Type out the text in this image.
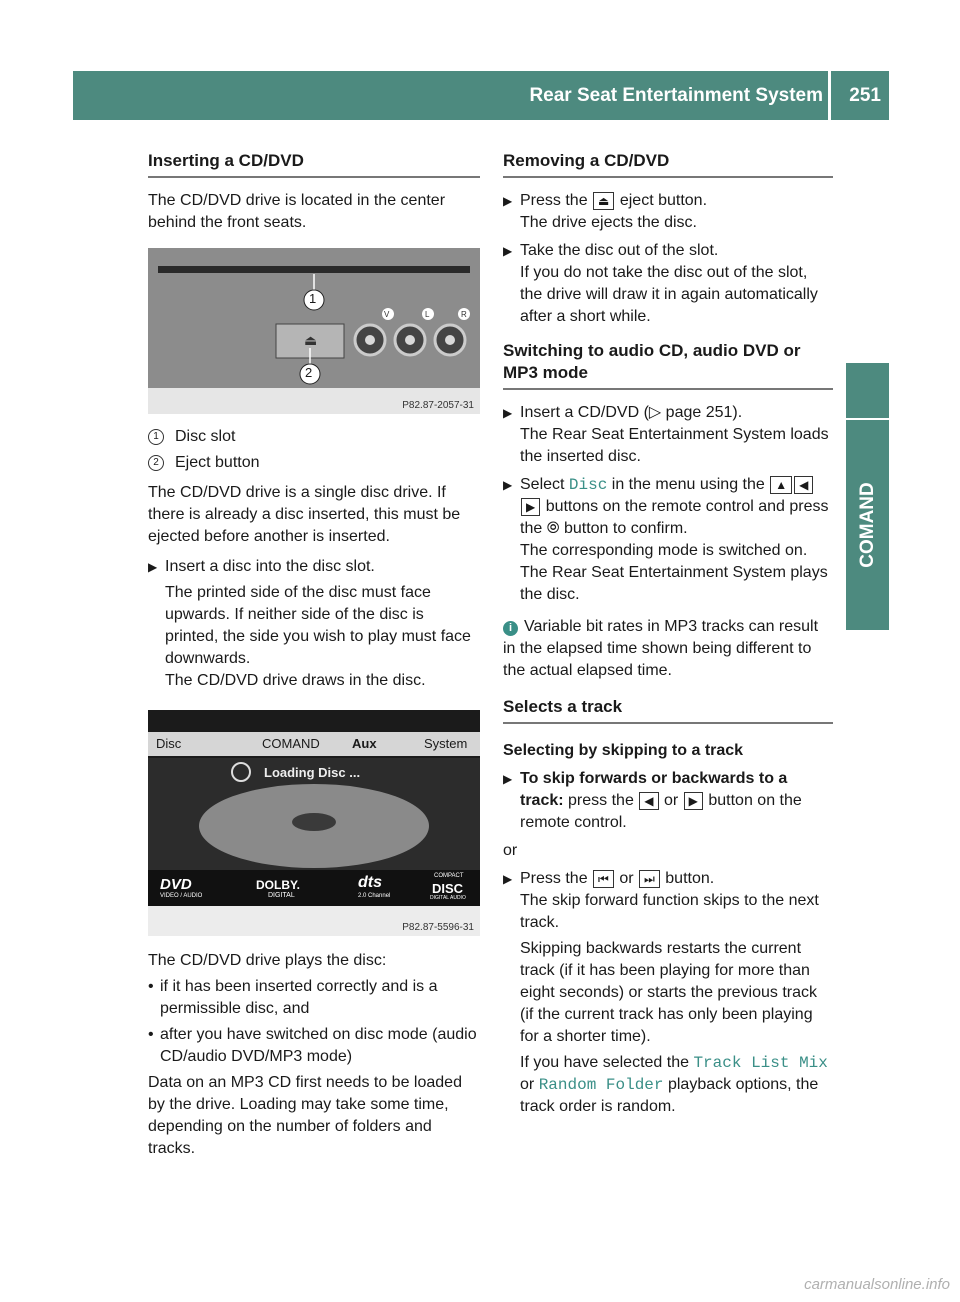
Rear Seat Entertainment System 251
COMAND
Inserting a CD/DVD

The CD/DVD drive is located in the center behind the front seats.

1
2
⏏
V	L	R
P82.87-2057-31
1	Disc slot
2	Eject button

The CD/DVD drive is a single disc drive. If there is already a disc inserted, this must be ejected before another is inserted.

▶ Insert a disc into the disc slot.
The printed side of the disc must face upwards. If neither side of the disc is printed, the side you wish to play must face downwards.
The CD/DVD drive draws in the disc.
Disc	COMAND Aux	System
Loading Disc ...
DVD
VIDEO / AUDIO
DOLBY.
DIGITAL
dts
2.0 Channel
COMPACT
DISC
DIGITAL AUDIO
P82.87-5596-31

The CD/DVD drive plays the disc:

• if it has been inserted correctly and is a permissible disc, and
• after you have switched on disc mode (audio CD/audio DVD/MP3 mode)

Data on an MP3 CD first needs to be loaded by the drive. Loading may take some time, depending on the number of folders and tracks.

Removing a CD/DVD
▶ Press the ⏏ eject button.
The drive ejects the disc.
▶ Take the disc out of the slot.
If you do not take the disc out of the slot, the drive will draw it in again automatically after a short while.
Switching to audio CD, audio DVD or MP3 mode
▶ Insert a CD/DVD (▷ page 251).
The Rear Seat Entertainment System loads the inserted disc.
▶ Select Disc in the menu using the ▲ ◀▶ buttons on the remote control and press the ⦾ button to confirm.
The corresponding mode is switched on. The Rear Seat Entertainment System plays the disc.
i Variable bit rates in MP3 tracks can result in the elapsed time shown being different to the actual elapsed time.
Selects a track
Selecting by skipping to a track
▶ To skip forwards or backwards to a track: press the ◀ or ▶ button on the remote control.

or

▶ Press the ⏮ or ⏭ button.
The skip forward function skips to the next track.
Skipping backwards restarts the current track (if it has been playing for more than eight seconds) or starts the previous track (if the current track has only been playing for a shorter time).
If you have selected the Track List Mix or Random Folder playback options, the track order is random.
carmanualsonline.info
